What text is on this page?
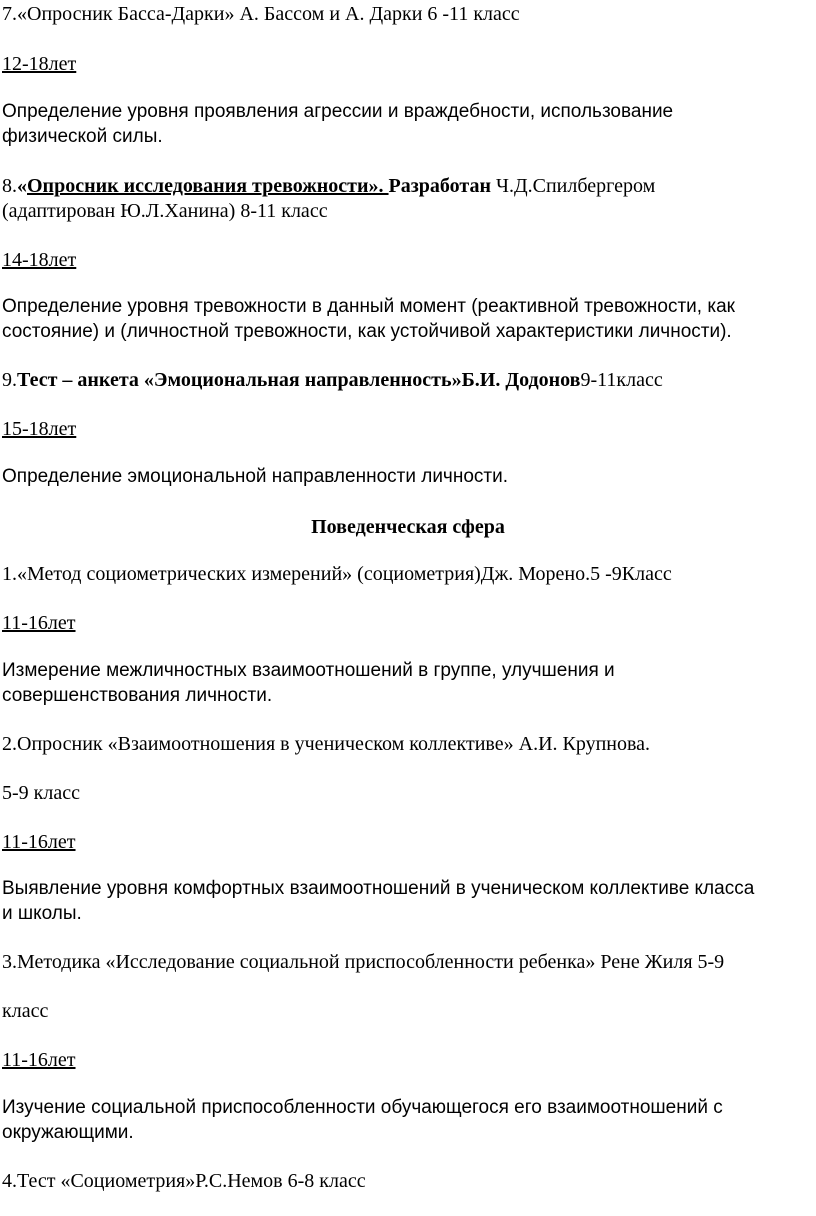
7.«Опросник Басса-Дарки» А. Бассом и А. Дарки 6 -11 класс

12-18лет

Определение уровня проявления агрессии и враждебности, использование

физической силы.

8.«Опросник исследования тревожности». Разработан Ч.Д.Спилбергером

(адаптирован Ю.Л.Ханина) 8-11 класс

14-18лет

Определение уровня тревожности в данный момент (реактивной тревожности, как

состояние) и (личностной тревожности, как устойчивой характеристики личности).

9.Тест – анкета «Эмоциональная направленность»Б.И. Додонов9-11класс

15-18лет

Определение эмоциональной направленности личности.

Поведенческая сфера

1.«Метод социометрических измерений» (социометрия)Дж. Морено.5 -9Класс

11-16лет

Измерение межличностных взаимоотношений в группе, улучшения и

совершенствования личности.

2.Опросник «Взаимоотношения в ученическом коллективе» А.И. Крупнова.

5-9 класс

11-16лет

Выявление уровня комфортных взаимоотношений в ученическом коллективе класса

и школы.

3.Методика «Исследование социальной приспособленности ребенка» Рене Жиля 5-9

класс

11-16лет

Изучение социальной приспособленности обучающегося его взаимоотношений с

окружающими.

4.Тест «Социометрия»Р.С.Немов 6-8 класс
